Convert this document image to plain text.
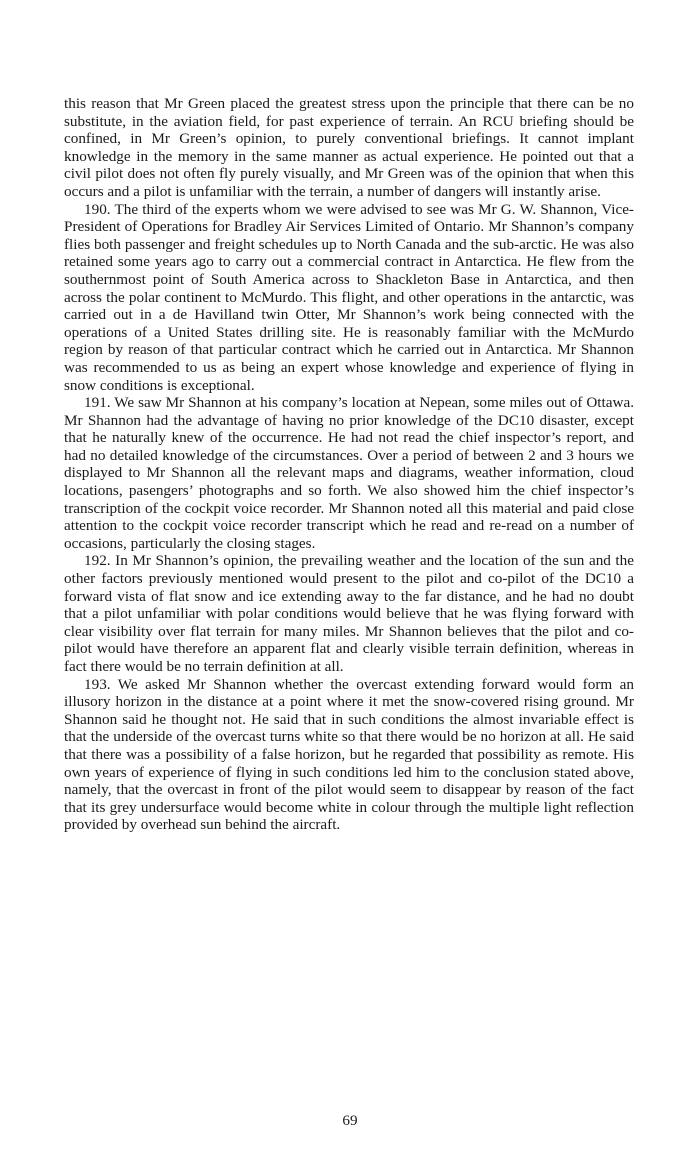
this reason that Mr Green placed the greatest stress upon the principle that there can be no substitute, in the aviation field, for past experience of terrain. An RCU briefing should be confined, in Mr Green’s opinion, to purely conventional briefings. It cannot implant knowledge in the memory in the same manner as actual experience. He pointed out that a civil pilot does not often fly purely visually, and Mr Green was of the opinion that when this occurs and a pilot is unfamiliar with the terrain, a number of dangers will instantly arise.

190. The third of the experts whom we were advised to see was Mr G. W. Shannon, Vice-President of Operations for Bradley Air Services Limited of Ontario. Mr Shannon’s company flies both passenger and freight schedules up to North Canada and the sub-arctic. He was also retained some years ago to carry out a commercial contract in Antarctica. He flew from the southernmost point of South America across to Shackleton Base in Antarctica, and then across the polar continent to McMurdo. This flight, and other operations in the antarctic, was carried out in a de Havilland twin Otter, Mr Shannon’s work being connected with the operations of a United States drilling site. He is reasonably familiar with the McMurdo region by reason of that particular contract which he carried out in Antarctica. Mr Shannon was recommended to us as being an expert whose knowledge and experience of flying in snow conditions is exceptional.

191. We saw Mr Shannon at his company’s location at Nepean, some miles out of Ottawa. Mr Shannon had the advantage of having no prior knowledge of the DC10 disaster, except that he naturally knew of the occurrence. He had not read the chief inspector’s report, and had no detailed knowledge of the circumstances. Over a period of between 2 and 3 hours we displayed to Mr Shannon all the relevant maps and diagrams, weather information, cloud locations, pasengers’ photographs and so forth. We also showed him the chief inspector’s transcription of the cockpit voice recorder. Mr Shannon noted all this material and paid close attention to the cockpit voice recorder transcript which he read and re-read on a number of occasions, particularly the closing stages.

192. In Mr Shannon’s opinion, the prevailing weather and the location of the sun and the other factors previously mentioned would present to the pilot and co-pilot of the DC10 a forward vista of flat snow and ice extending away to the far distance, and he had no doubt that a pilot unfamiliar with polar conditions would believe that he was flying forward with clear visibility over flat terrain for many miles. Mr Shannon believes that the pilot and co-pilot would have therefore an apparent flat and clearly visible terrain definition, whereas in fact there would be no terrain definition at all.

193. We asked Mr Shannon whether the overcast extending forward would form an illusory horizon in the distance at a point where it met the snow-covered rising ground. Mr Shannon said he thought not. He said that in such conditions the almost invariable effect is that the underside of the overcast turns white so that there would be no horizon at all. He said that there was a possibility of a false horizon, but he regarded that possibility as remote. His own years of experience of flying in such conditions led him to the conclusion stated above, namely, that the overcast in front of the pilot would seem to disappear by reason of the fact that its grey undersurface would become white in colour through the multiple light reflection provided by overhead sun behind the aircraft.

69
